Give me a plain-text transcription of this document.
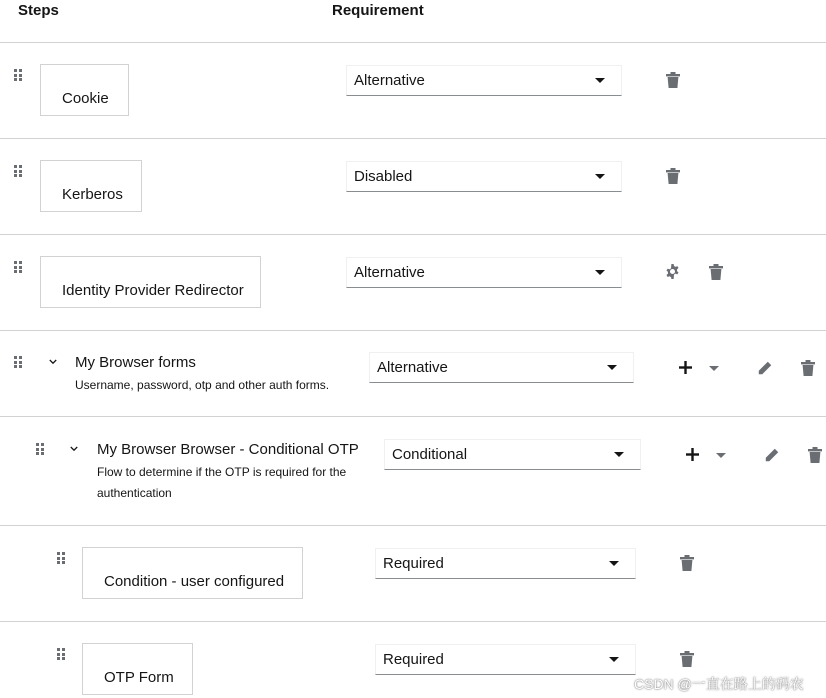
Steps	Requirement
Cookie
Alternative
Kerberos
Disabled
Identity Provider Redirector
Alternative
My Browser forms
Username, password, otp and other auth forms.
Alternative
My Browser Browser - Conditional OTP
Flow to determine if the OTP is required for the
authentication
Conditional
Condition - user configured
Required
OTP Form
Required
CSDN @一直在路上的码农
